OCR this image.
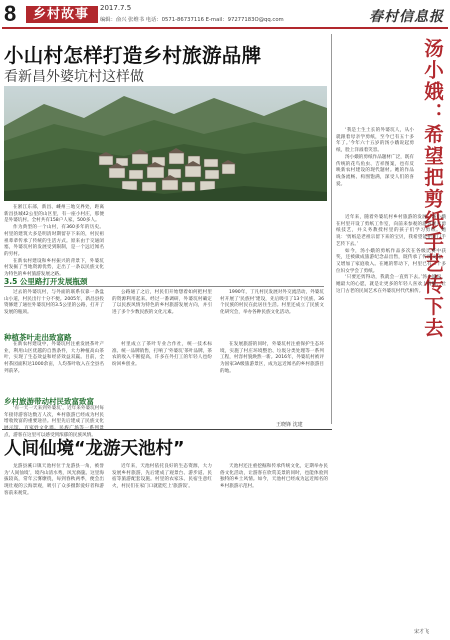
8	乡村故事	2017.7.5
编辑：俞兴 张维书 电话：0571-86737116 E-mail：97277183O@qq.com	春村信息报
小山村怎样打造乡村旅游品牌
看新昌外婆坑村这样做

在浙江东部，新昌、嵊州三地交界处，距离新昌县城42公里的山区里，有一座小村庄，那便是外婆坑村。全村共有158户人家，500多人。

作为典型的一个山村，有360多年的历史。村里的建筑大多是明清时期留存下来的，村民祖祖辈辈传承了传统的生活方式。原来由于交通闭塞，外婆坑村的发展受到限制，是一个远近闻名的穷村。

在新农村建设和乡村振兴的背景下，外婆坑村发掘了当地资源优势，走出了一条以民族文化为特色的乡村旅游发展之路。

3.5 公里路打开发展瓶颈

过去的外婆坑村，与外面的联系仅靠一条盘山小道，村民出行十分不便。2005年，新昌县投资修建了通往外婆坑村的3.5公里的公路，打开了发展的瓶颈。

公路通了之后，村民们开始想着如何把村里的资源利用起来。经过一番调研，外婆坑村确定了以民族风情为特色的乡村旅游发展方向，并引进了多个少数民族的文化元素。

1990年，丁凡村民发展对外交流活动，外婆坑村开展了‘民族村’建设，先后吸引了13个民族、36个民族的村民在此居住生活。村里还成立了民族文化研究会，举办各种民族文化活动。

种植茶叶走出致富路

在新农村建设中，外婆坑村注重发展茶叶产业，利用山区优越的自然条件，大力种植高山茶叶，实现了生态效益和经济效益双赢。目前，全村茶园面积达1000余亩，人均茶叶收入在全县名列前茅。

村里成立了茶叶专业合作社，统一技术标准、统一品牌销售，打响了‘外婆坑’茶叶品牌，茶农的收入不断提高，许多在外打工的年轻人也纷纷回乡创业。

乡村旅游带动村民致富致富

‘有一天一天来到外婆坑’，近年来外婆坑村每年接待游客达数万人次，乡村旅游已经成为村民增收致富的重要途径。村里先后建成了民族文化 点，游客在这里可以感受到浓郁的民族风情。

在发展旅游的同时，外婆坑村注重保护生态环境，实施了村庄环境整治、垃圾分类处理等一系列工程，村容村貌焕然一新。2016年，外婆坑村被评为国家3A级旅游景区，成为远近闻名的乡村旅游目的地。

王晓锋 沈建
汤小娥：希望把剪纸手艺传下去

‘我是土生土长的外婆坑人，从小就跟着母亲学剪纸，至今已有五十多年了。’今年六十五岁的汤小娥说起剪纸，脸上洋溢着笑容。

汤小娥的剪纸作品题材广泛，既有传统的花鸟鱼虫、吉祥图案，也有反映新农村建设的现代题材。她的作品线条流畅、构图饱满，深受人们的喜爱。

近年来，随着外婆坑村乡村旅游的发展，汤小娥在村里开设了剪纸工作室，向前来参观的游客展示剪纸技艺，并义务教授村里的孩子们学习剪纸。她说：‘剪纸是老祖宗留下来的宝贝，我希望能把这门手艺传下去。’

如今，汤小娥的剪纸作品多次在各级比赛中获奖，还被做成旅游纪念品出售，既传承了传统文化，又增加了家庭收入。在她的带动下，村里已有二十多位妇女学会了剪纸。

‘只要还剪得动，我就会一直剪下去。’汤小娥说，她最大的心愿，就是让更多的年轻人喜欢上剪纸，让这门古老的民间艺术在外婆坑村代代相传。

宋才飞
人间仙境“龙游天池村”

龙游县溪口镇天池村位于龙游县一角，被誉为‘人间仙境’，境内山清水秀，风光旖旎。这里海拔较高，常年云雾缭绕，每到春秋两季，便会出现壮观的云海景观，吸引了众多摄影爱好者和游客前来观赏。

近年来，天池村依托良好的生态资源，大力发展乡村旅游，先后建成了观景台、游步道、民宿等旅游配套设施。村里的农家乐、民宿生意红火，村民们在家门口就能吃上‘旅游饭’。

天池村还注重挖掘和传承传统文化，定期举办民俗文化活动，让游客在欣赏美景的同时，也能体验到独特的乡土风情。如今，天池村已经成为远近闻名的乡村旅游示范村。
